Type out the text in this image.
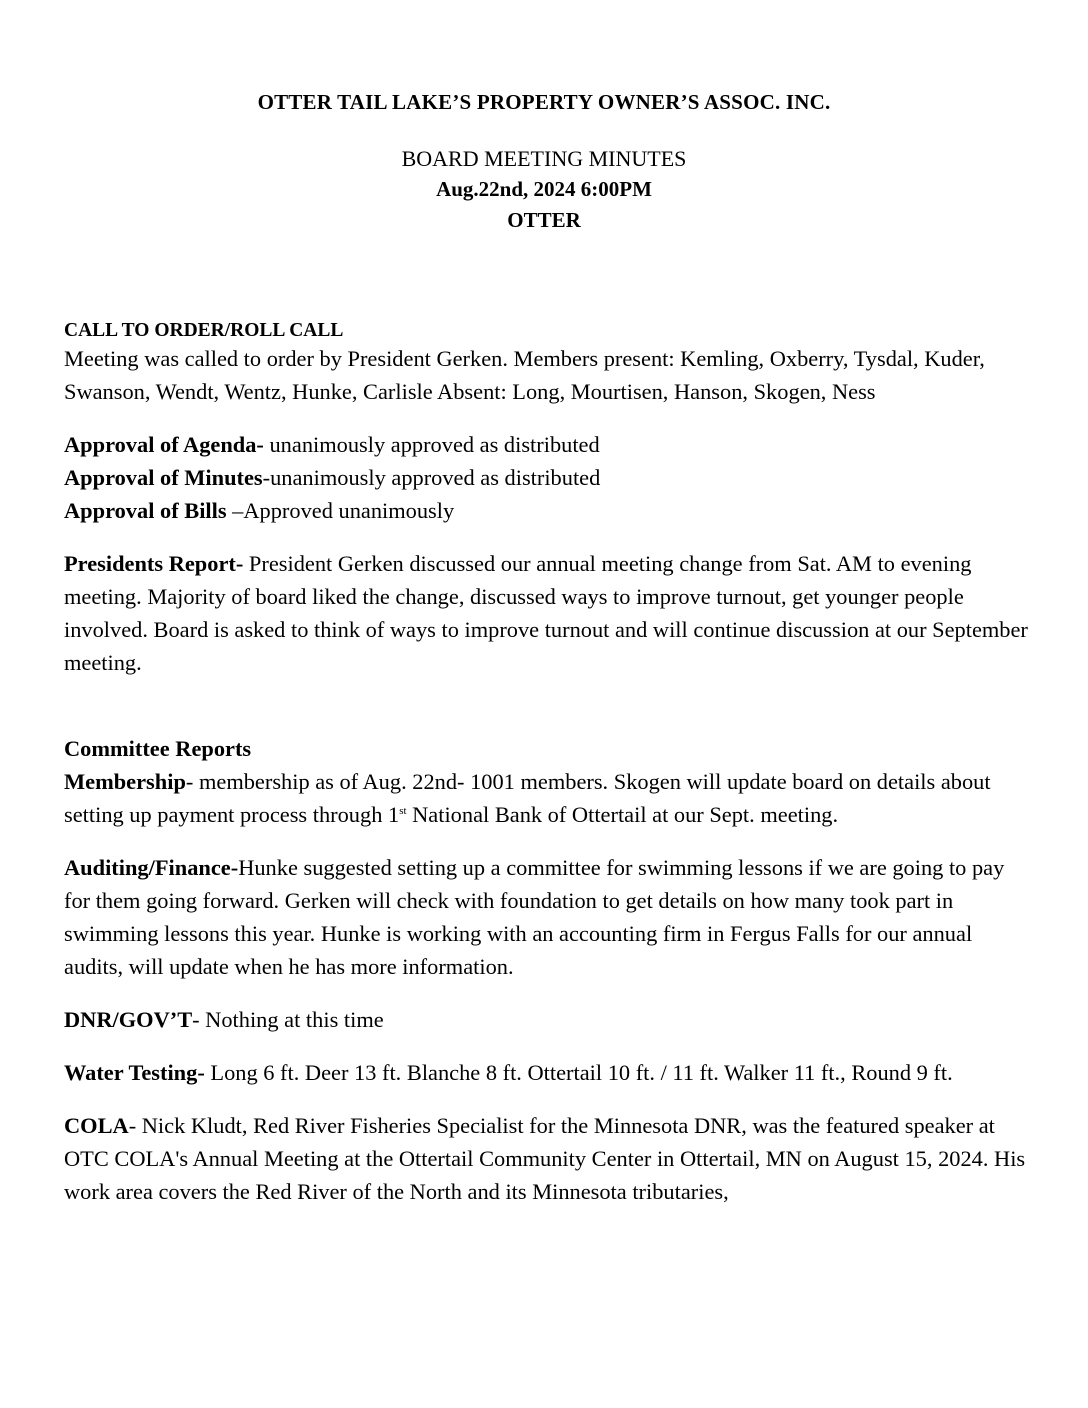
OTTER TAIL LAKE’S PROPERTY OWNER’S ASSOC. INC.
BOARD MEETING MINUTES
Aug.22nd, 2024 6:00PM
OTTER

CALL TO ORDER/ROLL CALL

Meeting was called to order by President Gerken. Members present: Kemling, Oxberry, Tysdal, Kuder, Swanson, Wendt, Wentz, Hunke, Carlisle Absent: Long, Mourtisen, Hanson, Skogen, Ness

Approval of Agenda- unanimously approved as distributed

Approval of Minutes-unanimously approved as distributed

Approval of Bills –Approved unanimously

Presidents Report- President Gerken discussed our annual meeting change from Sat. AM to evening meeting. Majority of board liked the change, discussed ways to improve turnout, get younger people involved. Board is asked to think of ways to improve turnout and will continue discussion at our September meeting.

Committee Reports

Membership- membership as of Aug. 22nd- 1001 members. Skogen will update board on details about setting up payment process through 1st National Bank of Ottertail at our Sept. meeting.

Auditing/Finance-Hunke suggested setting up a committee for swimming lessons if we are going to pay for them going forward. Gerken will check with foundation to get details on how many took part in swimming lessons this year. Hunke is working with an accounting firm in Fergus Falls for our annual audits, will update when he has more information.

DNR/GOV’T- Nothing at this time

Water Testing- Long 6 ft. Deer 13 ft. Blanche 8 ft. Ottertail 10 ft. / 11 ft. Walker 11 ft., Round 9 ft.

COLA- Nick Kludt, Red River Fisheries Specialist for the Minnesota DNR, was the featured speaker at OTC COLA's Annual Meeting at the Ottertail Community Center in Ottertail, MN on August 15, 2024. His work area covers the Red River of the North and its Minnesota tributaries,
